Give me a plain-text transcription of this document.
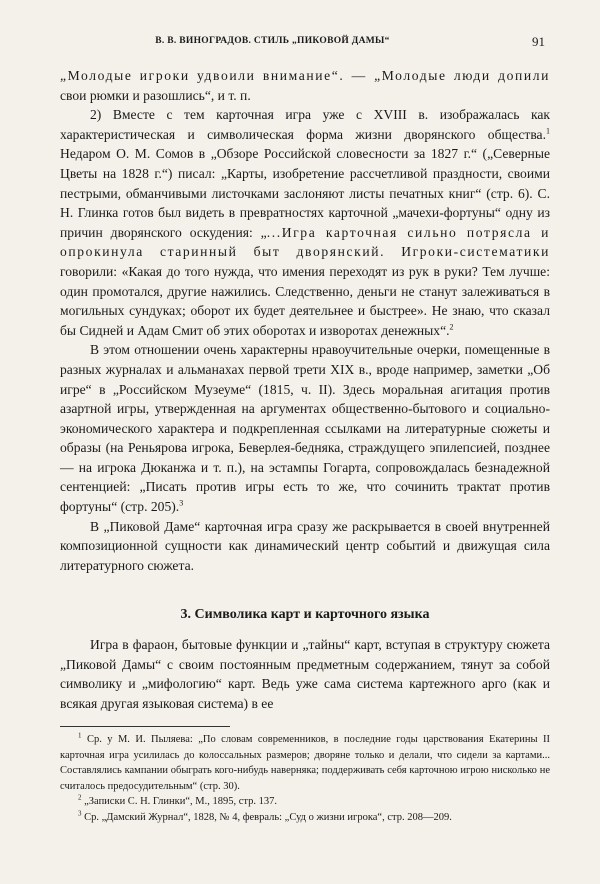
В. В. ВИНОГРАДОВ. СТИЛЬ „ПИКОВОЙ ДАМЫ“	91

„Молодые игроки удвоили внимание“. — „Молодые люди допили свои рюмки и разошлись“, и т. п.

2) Вместе с тем карточная игра уже с XVIII в. изображалась как характеристическая и символическая форма жизни дворянского общества.$^1$ Недаром О. М. Сомов в „Обзоре Российской словесности за 1827 г.“ („Северные Цветы на 1828 г.“) писал: „Карты, изобретение рассчетливой праздности, своими пестрыми, обманчивыми листочками заслоняют листы печатных книг“ (стр. 6). С. Н. Глинка готов был видеть в превратностях карточной „мачехи-фортуны“ одну из причин дворянского оскудения: „...Игра карточная сильно потрясла и опрокинула старинный быт дворянский. Игроки-систематики говорили: «Какая до того нужда, что имения переходят из рук в руки? Тем лучше: один промотался, другие нажились. Следственно, деньги не станут залеживаться в могильных сундуках; оборот их будет деятельнее и быстрее». Не знаю, что сказал бы Сидней и Адам Смит об этих оборотах и изворотах денежных“.$^2$

В этом отношении очень характерны нравоучительные очерки, помещенные в разных журналах и альманахах первой трети XIX в., вроде например, заметки „Об игре“ в „Российском Музеуме“ (1815, ч. II). Здесь моральная агитация против азартной игры, утвержденная на аргументах общественно-бытового и социально-экономического характера и подкрепленная ссылками на литературные сюжеты и образы (на Реньярова игрока, Беверлея-бедняка, страждущего эпилепсией, позднее — на игрока Дюканжа и т. п.), на эстампы Гогарта, сопровождалась безнадежной сентенцией: „Писать против игры есть то же, что сочинить трактат против фортуны“ (стр. 205).$^3$

В „Пиковой Даме“ карточная игра сразу же раскрывается в своей внутренней композиционной сущности как динамический центр событий и движущая сила литературного сюжета.

3. Символика карт и карточного языка

Игра в фараон, бытовые функции и „тайны“ карт, вступая в структуру сюжета „Пиковой Дамы“ с своим постоянным предметным содержанием, тянут за собой символику и „мифологию“ карт. Ведь уже сама система картежного арго (как и всякая другая языковая система) в ее

$^1$ Ср. у М. И. Пыляева: „По словам современников, в последние годы царствования Екатерины II карточная игра усилилась до колоссальных размеров; дворяне только и делали, что сидели за картами... Составлялись кампании обыграть кого-нибудь наверняка; поддерживать себя карточною игрою нисколько не считалось предосудительным“ (стр. 30).

$^2$ „Записки С. Н. Глинки“, М., 1895, стр. 137.

$^3$ Ср. „Дамский Журнал“, 1828, № 4, февраль: „Суд о жизни игрока“, стр. 208—209.
